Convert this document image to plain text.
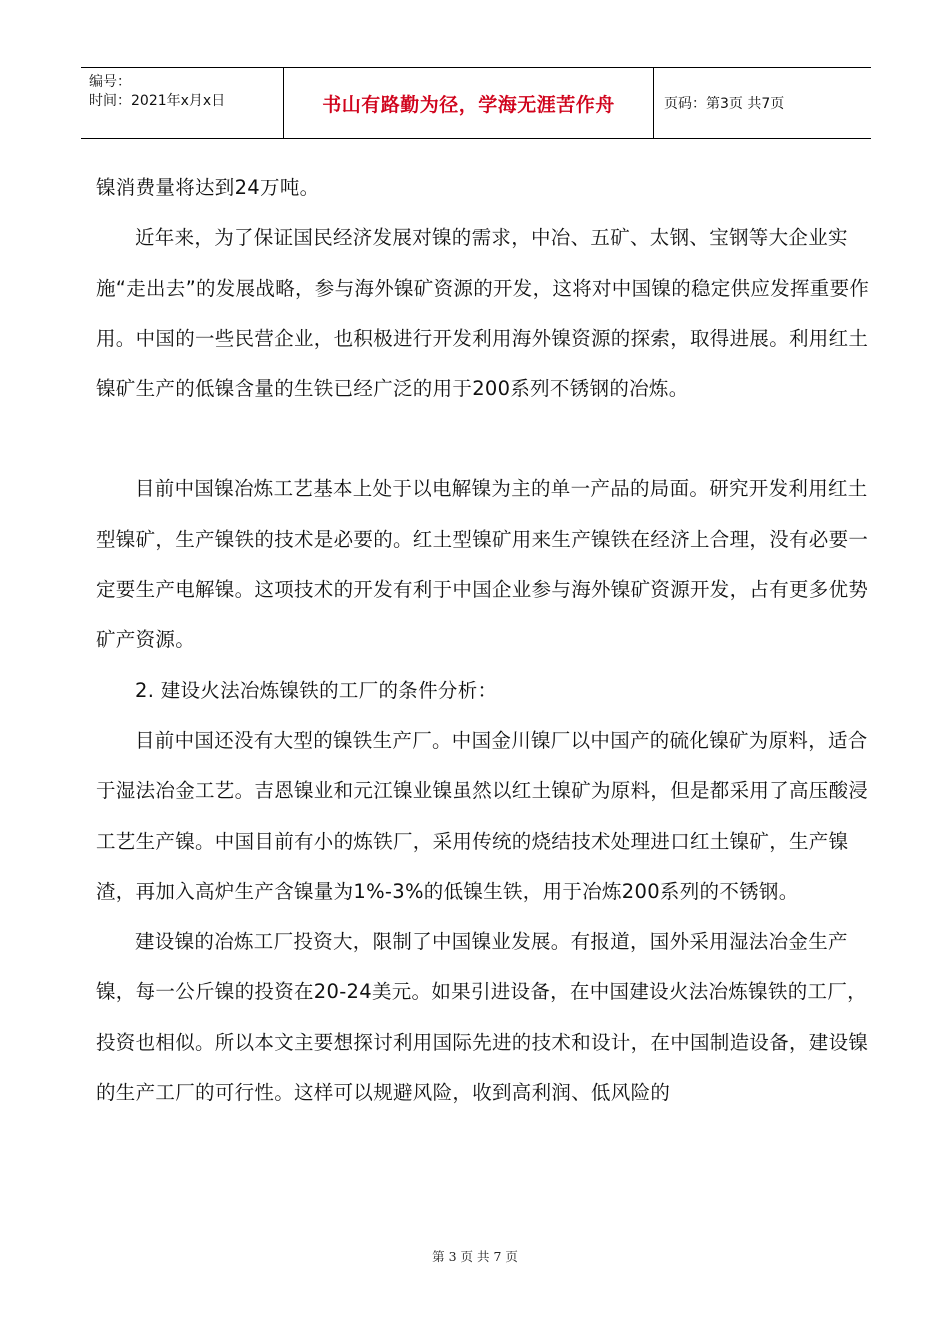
编号：
时间：2021年x月x日	书山有路勤为径，学海无涯苦作舟	页码：第3页 共7页

镍消费量将达到24万吨。

近年来，为了保证国民经济发展对镍的需求，中冶、五矿、太钢、宝钢等大企业实施“走出去”的发展战略，参与海外镍矿资源的开发，这将对中国镍的稳定供应发挥重要作用。中国的一些民营企业，也积极进行开发利用海外镍资源的探索，取得进展。利用红土镍矿生产的低镍含量的生铁已经广泛的用于200系列不锈钢的冶炼。

目前中国镍冶炼工艺基本上处于以电解镍为主的单一产品的局面。研究开发利用红土型镍矿，生产镍铁的技术是必要的。红土型镍矿用来生产镍铁在经济上合理，没有必要一定要生产电解镍。这项技术的开发有利于中国企业参与海外镍矿资源开发，占有更多优势矿产资源。

2. 建设火法冶炼镍铁的工厂的条件分析：

目前中国还没有大型的镍铁生产厂。中国金川镍厂以中国产的硫化镍矿为原料，适合于湿法冶金工艺。吉恩镍业和元江镍业镍虽然以红土镍矿为原料，但是都采用了高压酸浸工艺生产镍。中国目前有小的炼铁厂，采用传统的烧结技术处理进口红土镍矿，生产镍渣，再加入高炉生产含镍量为1%-3%的低镍生铁，用于冶炼200系列的不锈钢。

建设镍的冶炼工厂投资大，限制了中国镍业发展。有报道，国外采用湿法冶金生产镍，每一公斤镍的投资在20-24美元。如果引进设备，在中国建设火法冶炼镍铁的工厂，投资也相似。所以本文主要想探讨利用国际先进的技术和设计，在中国制造设备，建设镍的生产工厂的可行性。这样可以规避风险，收到高利润、低风险的

第 3 页 共 7 页
